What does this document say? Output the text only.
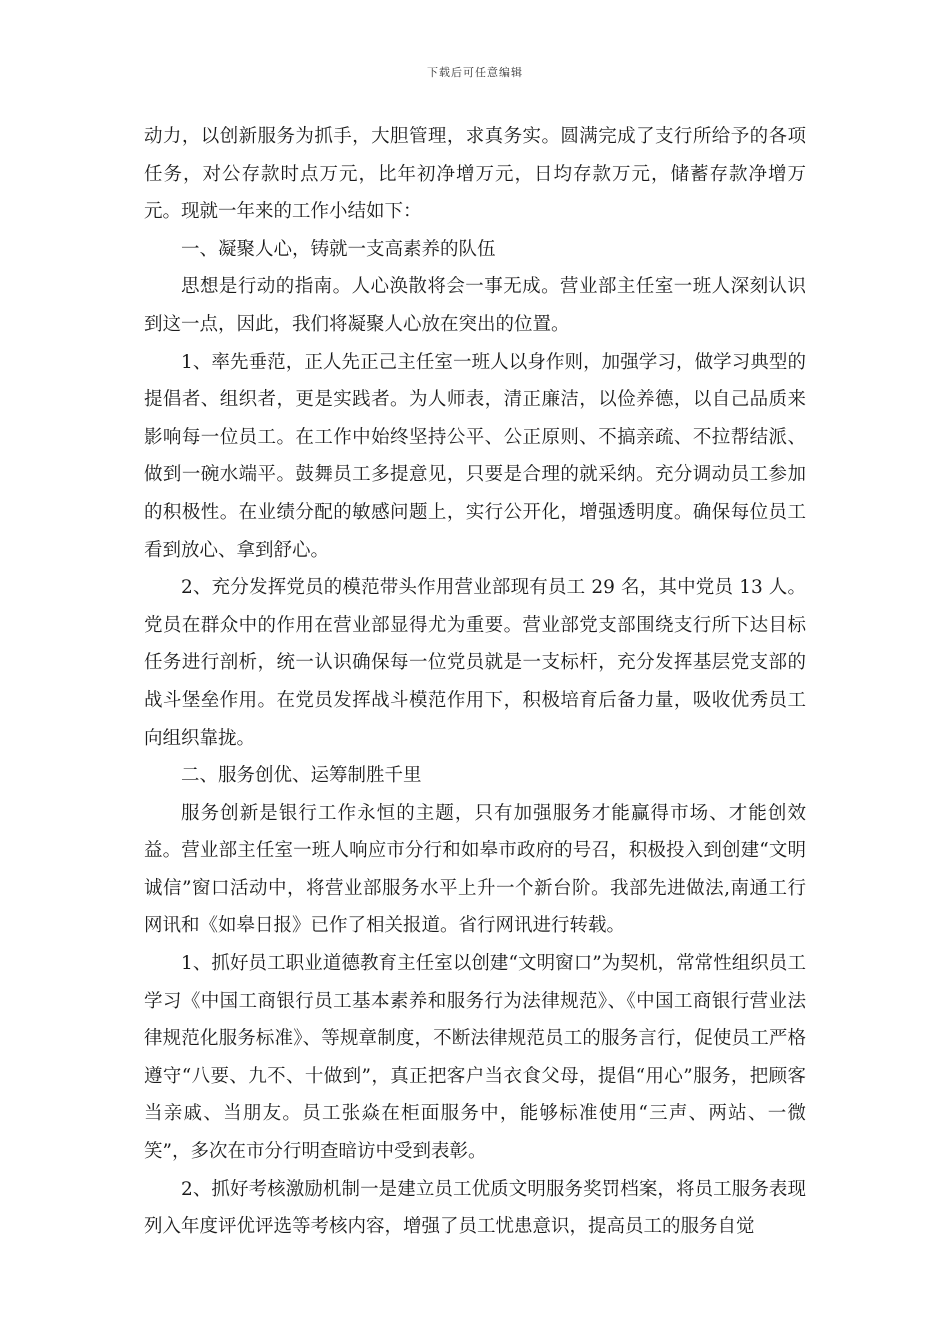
下载后可任意编辑

动力，以创新服务为抓手，大胆管理，求真务实。圆满完成了支行所给予的各项任务，对公存款时点万元，比年初净增万元，日均存款万元，储蓄存款净增万元。现就一年来的工作小结如下：

一、凝聚人心，铸就一支高素养的队伍

思想是行动的指南。人心涣散将会一事无成。营业部主任室一班人深刻认识到这一点，因此，我们将凝聚人心放在突出的位置。

1、率先垂范，正人先正己主任室一班人以身作则，加强学习，做学习典型的提倡者、组织者，更是实践者。为人师表，清正廉洁，以俭养德，以自己品质来影响每一位员工。在工作中始终坚持公平、公正原则、不搞亲疏、不拉帮结派、做到一碗水端平。鼓舞员工多提意见，只要是合理的就采纳。充分调动员工参加的积极性。在业绩分配的敏感问题上，实行公开化，增强透明度。确保每位员工看到放心、拿到舒心。

2、充分发挥党员的模范带头作用营业部现有员工 29 名，其中党员 13 人。党员在群众中的作用在营业部显得尤为重要。营业部党支部围绕支行所下达目标任务进行剖析，统一认识确保每一位党员就是一支标杆，充分发挥基层党支部的战斗堡垒作用。在党员发挥战斗模范作用下，积极培育后备力量，吸收优秀员工向组织靠拢。

二、服务创优、运筹制胜千里

服务创新是银行工作永恒的主题，只有加强服务才能赢得市场、才能创效益。营业部主任室一班人响应市分行和如皋市政府的号召，积极投入到创建“文明诚信”窗口活动中，将营业部服务水平上升一个新台阶。我部先进做法,南通工行网讯和《如皋日报》已作了相关报道。省行网讯进行转载。

1、抓好员工职业道德教育主任室以创建“文明窗口”为契机，常常性组织员工学习《中国工商银行员工基本素养和服务行为法律规范》、《中国工商银行营业法律规范化服务标准》、等规章制度，不断法律规范员工的服务言行，促使员工严格遵守“八要、九不、十做到”，真正把客户当衣食父母，提倡“用心”服务，把顾客当亲戚、当朋友。员工张焱在柜面服务中，能够标准使用“三声、两站、一微笑”，多次在市分行明查暗访中受到表彰。

2、抓好考核激励机制一是建立员工优质文明服务奖罚档案，将员工服务表现列入年度评优评选等考核内容，增强了员工忧患意识，提高员工的服务自觉
